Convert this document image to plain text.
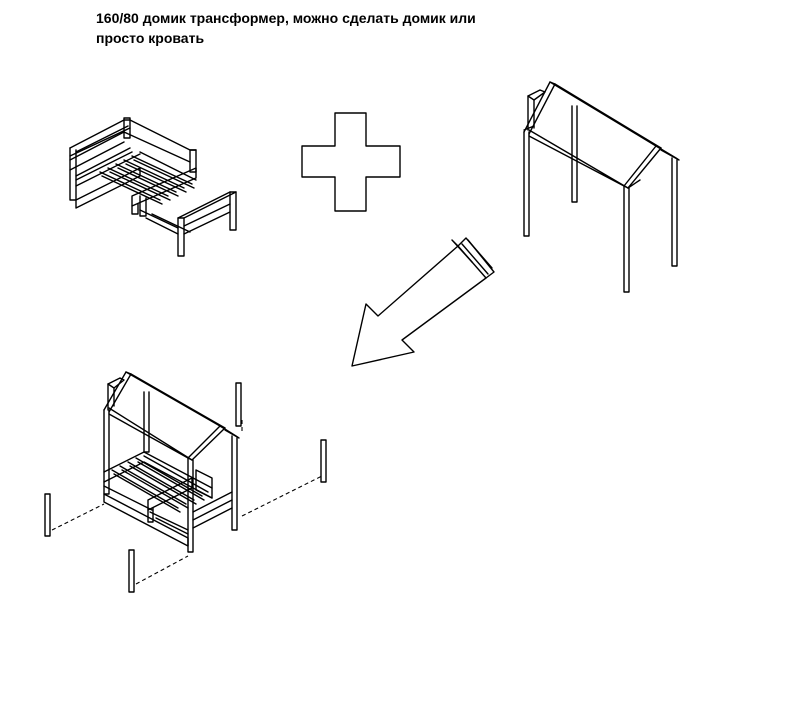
160/80 домик трансформер, можно сделать домик или
просто кровать
